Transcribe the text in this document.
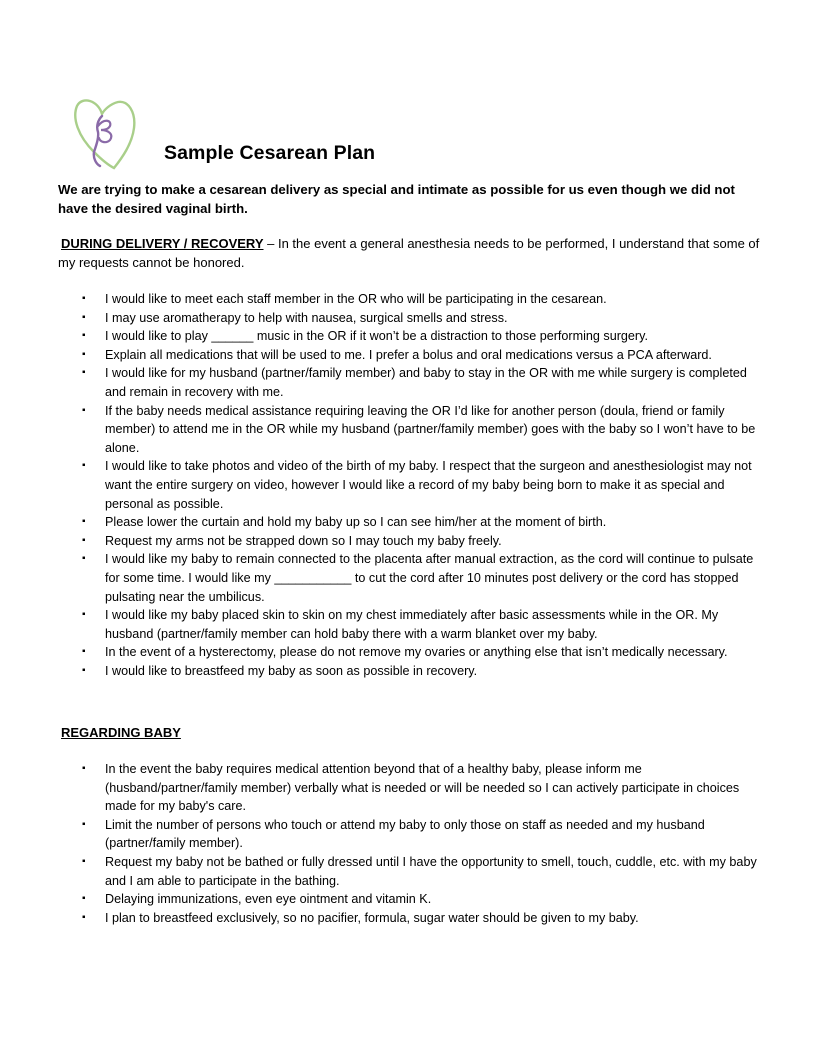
Sample Cesarean Plan
We are trying to make a cesarean delivery as special and intimate as possible for us even though we did not have the desired vaginal birth.
DURING DELIVERY / RECOVERY – In the event a general anesthesia needs to be performed, I understand that some of my requests cannot be honored.
▪ I would like to meet each staff member in the OR who will be participating in the cesarean.
▪ I may use aromatherapy to help with nausea, surgical smells and stress.
▪ I would like to play ______ music in the OR if it won’t be a distraction to those performing surgery.
▪ Explain all medications that will be used to me. I prefer a bolus and oral medications versus a PCA afterward.
▪ I would like for my husband (partner/family member) and baby to stay in the OR with me while surgery is completed and remain in recovery with me.
▪ If the baby needs medical assistance requiring leaving the OR I’d like for another person (doula, friend or family member) to attend me in the OR while my husband (partner/family member) goes with the baby so I won’t have to be alone.
▪ I would like to take photos and video of the birth of my baby. I respect that the surgeon and anesthesiologist may not want the entire surgery on video, however I would like a record of my baby being born to make it as special and personal as possible.
▪ Please lower the curtain and hold my baby up so I can see him/her at the moment of birth.
▪ Request my arms not be strapped down so I may touch my baby freely.
▪ I would like my baby to remain connected to the placenta after manual extraction, as the cord will continue to pulsate for some time. I would like my ___________ to cut the cord after 10 minutes post delivery or the cord has stopped pulsating near the umbilicus.
▪ I would like my baby placed skin to skin on my chest immediately after basic assessments while in the OR. My husband (partner/family member can hold baby there with a warm blanket over my baby.
▪ In the event of a hysterectomy, please do not remove my ovaries or anything else that isn’t medically necessary.
▪ I would like to breastfeed my baby as soon as possible in recovery.
REGARDING BABY
▪ In the event the baby requires medical attention beyond that of a healthy baby, please inform me (husband/partner/family member) verbally what is needed or will be needed so I can actively participate in choices made for my baby's care.
▪ Limit the number of persons who touch or attend my baby to only those on staff as needed and my husband (partner/family member).
▪ Request my baby not be bathed or fully dressed until I have the opportunity to smell, touch, cuddle, etc. with my baby and I am able to participate in the bathing.
▪ Delaying immunizations, even eye ointment and vitamin K.
▪ I plan to breastfeed exclusively, so no pacifier, formula, sugar water should be given to my baby.
